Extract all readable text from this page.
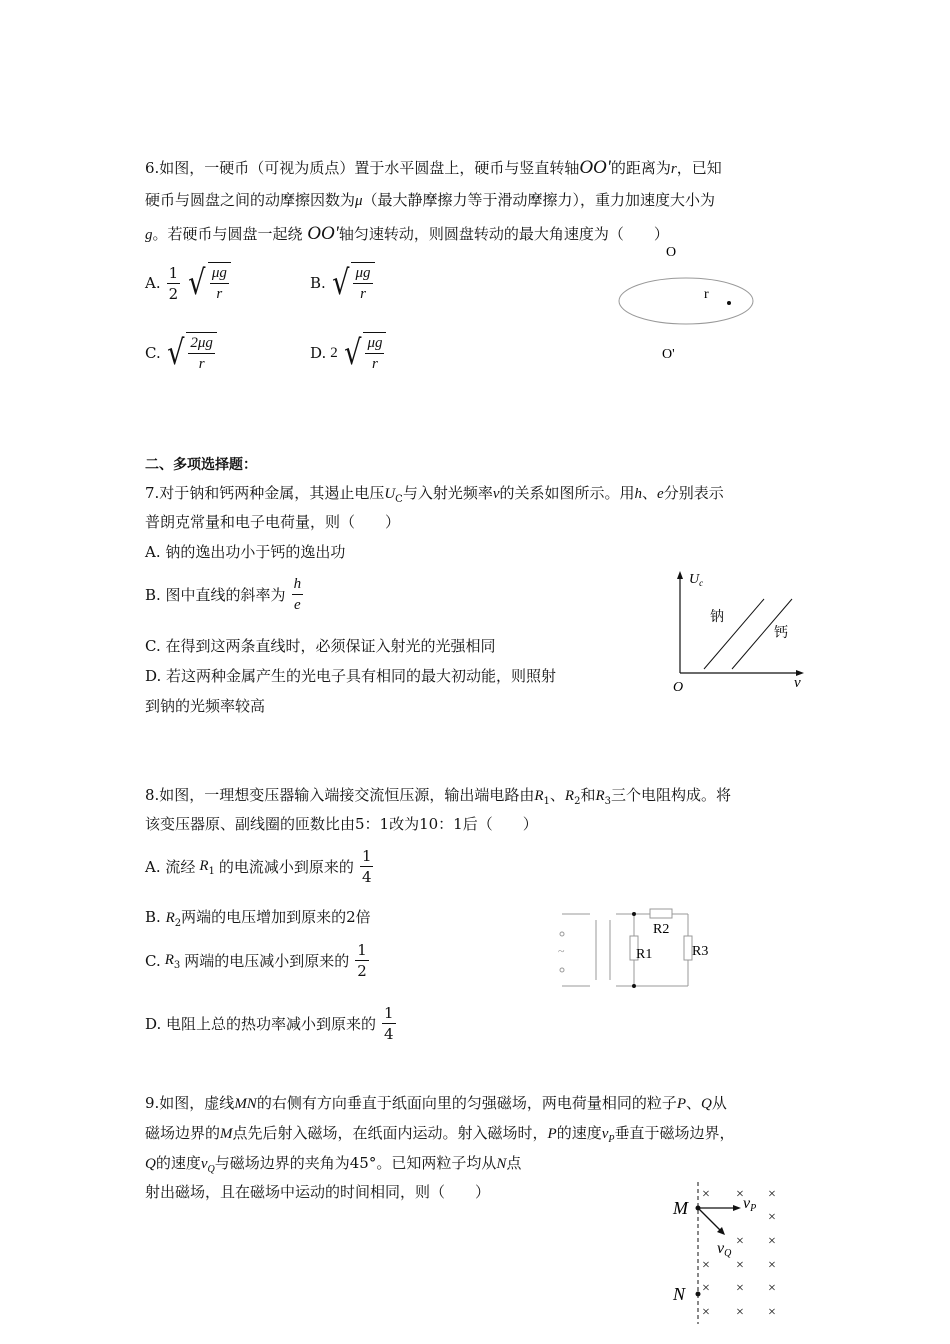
6.如图，一硬币（可视为质点）置于水平圆盘上，硬币与竖直转轴OO'的距离为r，已知
硬币与圆盘之间的动摩擦因数为μ（最大静摩擦力等于滑动摩擦力），重力加速度大小为
g。若硬币与圆盘一起绕 OO'轴匀速转动，则圆盘转动的最大角速度为（　　）
A. $\frac{1}{2}$ √ $\frac{\mu g}{r}$	B. √ $\frac{\mu g}{r}$
C. √ $\frac{2\mu g}{r}$	D. 2 √ $\frac{\mu g}{r}$
O
r
O'
二、多项选择题：
7.对于钠和钙两种金属，其遏止电压$U_C$与入射光频率ν的关系如图所示。用h、e分别表示
普朗克常量和电子电荷量，则（　　）
A. 钠的逸出功小于钙的逸出功
B. 图中直线的斜率为 $\frac{h}{e}$
C. 在得到这两条直线时，必须保证入射光的光强相同
D. 若这两种金属产生的光电子具有相同的最大初动能，则照射
到钠的光频率较高
$U_c$
钠
钙
O	ν
8.如图，一理想变压器输入端接交流恒压源，输出端电路由$R_1$、$R_2$和$R_3$三个电阻构成。将
该变压器原、副线圈的匝数比由5：1改为10：1后（　　）
A. 流经 $R_1$ 的电流减小到原来的 $\frac{1}{4}$
B. $R_2$两端的电压增加到原来的2倍
C. $R_3$ 两端的电压减小到原来的 $\frac{1}{2}$
D. 电阻上总的热功率减小到原来的 $\frac{1}{4}$
~
R2
R1	R3
9.如图，虚线MN的右侧有方向垂直于纸面向里的匀强磁场，两电荷量相同的粒子P、Q从
磁场边界的M点先后射入磁场，在纸面内运动。射入磁场时，P的速度$v_P$垂直于磁场边界，
Q的速度$v_Q$与磁场边界的夹角为45°。已知两粒子均从N点
射出磁场，且在磁场中运动的时间相同，则（　　）	× × ×
×
× ×
× × ×
× × ×
× ×
×
M
N
vP
vQ
